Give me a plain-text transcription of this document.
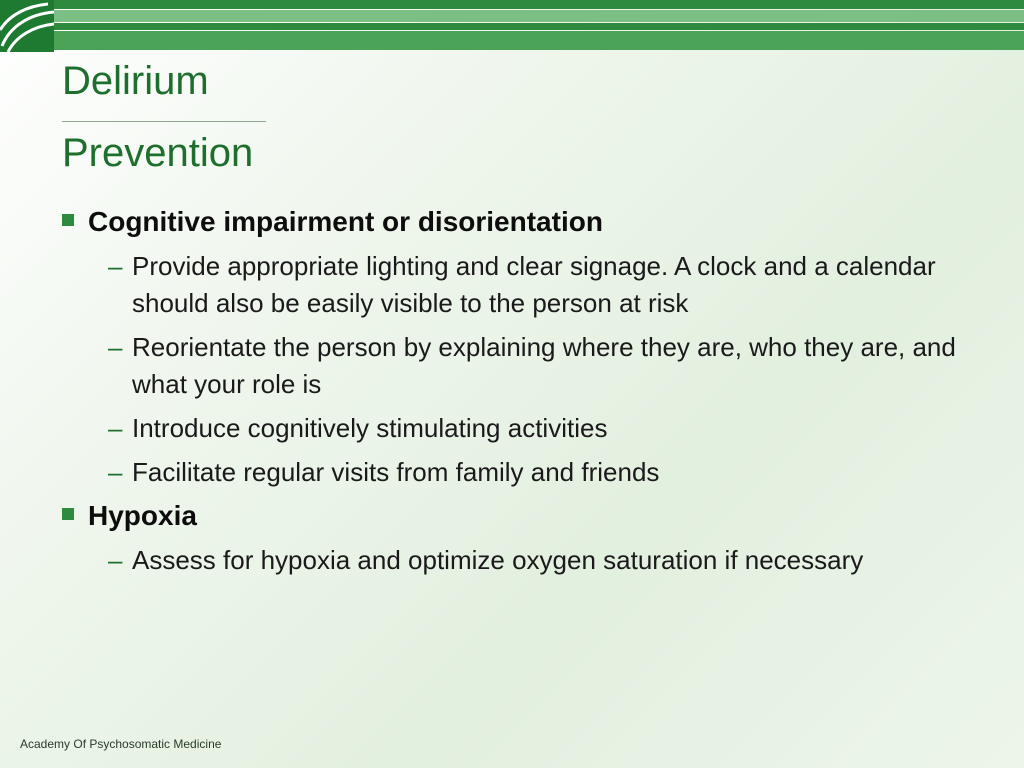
Delirium
Prevention
Cognitive impairment or disorientation
– Provide appropriate lighting and clear signage. A clock and a calendar should also be easily visible to the person at risk
– Reorientate the person by explaining where they are, who they are, and what your role is
– Introduce cognitively stimulating activities
– Facilitate regular visits from family and friends
Hypoxia
– Assess for hypoxia and optimize oxygen saturation if necessary
Academy Of Psychosomatic Medicine
